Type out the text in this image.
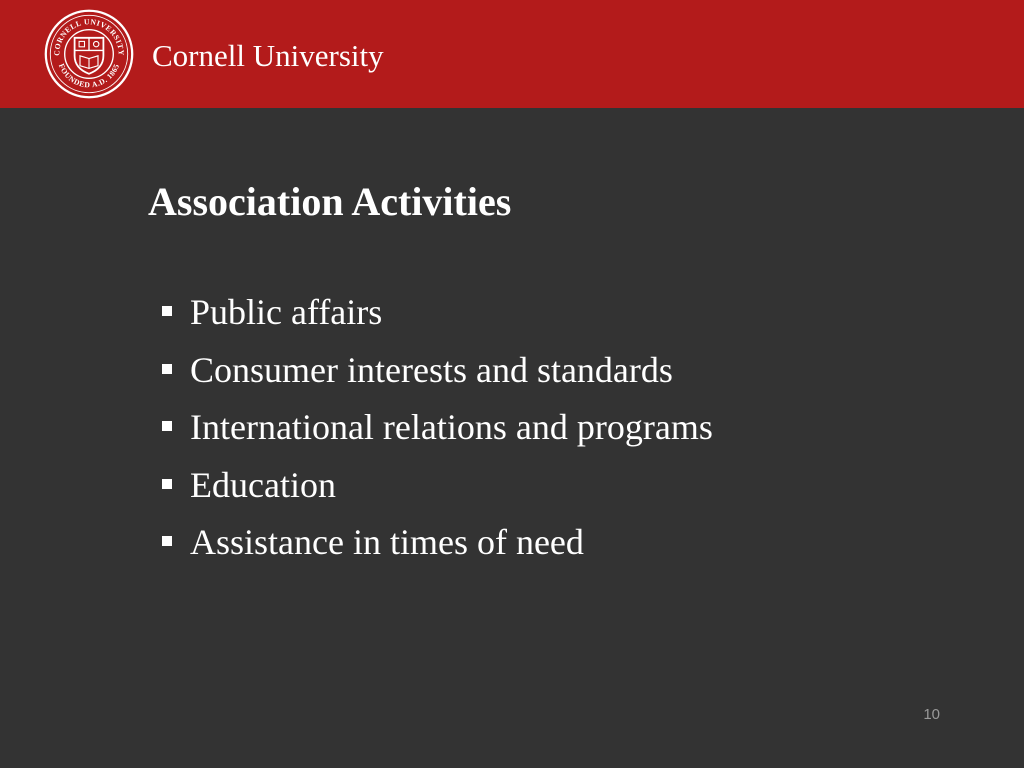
CORNELL UNIVERSITY
FOUNDED A.D. 1865 Cornell University
Association Activities
Public affairs
Consumer interests and standards
International relations and programs
Education
Assistance in times of need
10
